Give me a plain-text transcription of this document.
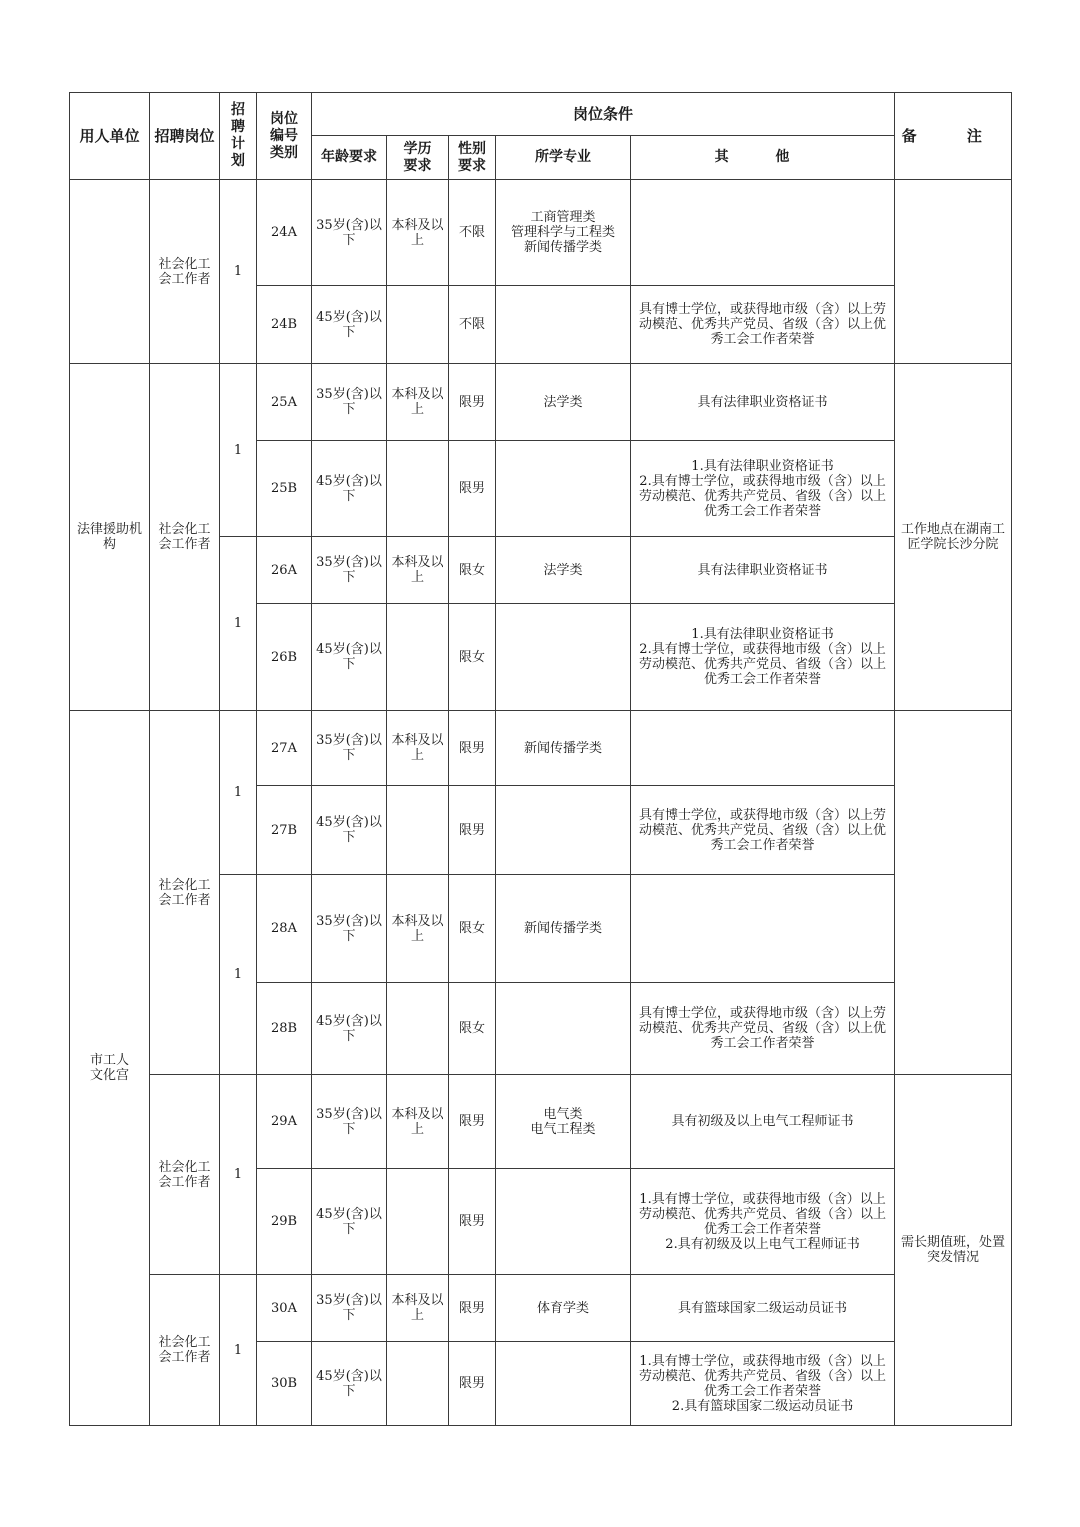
用人单位	招聘岗位	招聘计划	岗位编号类别	岗位条件					备 注
				年龄要求	学历要求	性别要求	所学专业	其 他	

	社会化工会工作者	1	24A	35岁(含)以下	本科及以上	不限	工商管理类
管理科学与工程类
新闻传播学类		

			24B	45岁(含)以下		不限		具有博士学位，或获得地市级（含）以上劳动模范、优秀共产党员、省级（含）以上优秀工会工作者荣誉	

法律援助机构	社会化工会工作者	1	25A	35岁(含)以下	本科及以上	限男	法学类	具有法律职业资格证书	工作地点在湖南工匠学院长沙分院
			25B	45岁(含)以下		限男		1.具有法律职业资格证书
2.具有博士学位，或获得地市级（含）以上劳动模范、优秀共产党员、省级（含）以上优秀工会工作者荣誉	

		1	26A	35岁(含)以下	本科及以上	限女	法学类	具有法律职业资格证书	
			26B	45岁(含)以下		限女		1.具有法律职业资格证书
2.具有博士学位，或获得地市级（含）以上劳动模范、优秀共产党员、省级（含）以上优秀工会工作者荣誉	

市工人文化宫	社会化工会工作者	1	27A	35岁(含)以下	本科及以上	限男	新闻传播学类		
			27B	45岁(含)以下		限男		具有博士学位，或获得地市级（含）以上劳动模范、优秀共产党员、省级（含）以上优秀工会工作者荣誉	

		1	28A	35岁(含)以下	本科及以上	限女	新闻传播学类		
			28B	45岁(含)以下		限女		具有博士学位，或获得地市级（含）以上劳动模范、优秀共产党员、省级（含）以上优秀工会工作者荣誉	

	社会化工会工作者	1	29A	35岁(含)以下	本科及以上	限男	电气类
电气工程类	具有初级及以上电气工程师证书	需长期值班，处置突发情况
			29B	45岁(含)以下		限男		1.具有博士学位，或获得地市级（含）以上劳动模范、优秀共产党员、省级（含）以上优秀工会工作者荣誉
2.具有初级及以上电气工程师证书	

	社会化工会工作者	1	30A	35岁(含)以下	本科及以上	限男	体育学类	具有篮球国家二级运动员证书	
			30B	45岁(含)以下		限男		1.具有博士学位，或获得地市级（含）以上劳动模范、优秀共产党员、省级（含）以上优秀工会工作者荣誉
2.具有篮球国家二级运动员证书	
